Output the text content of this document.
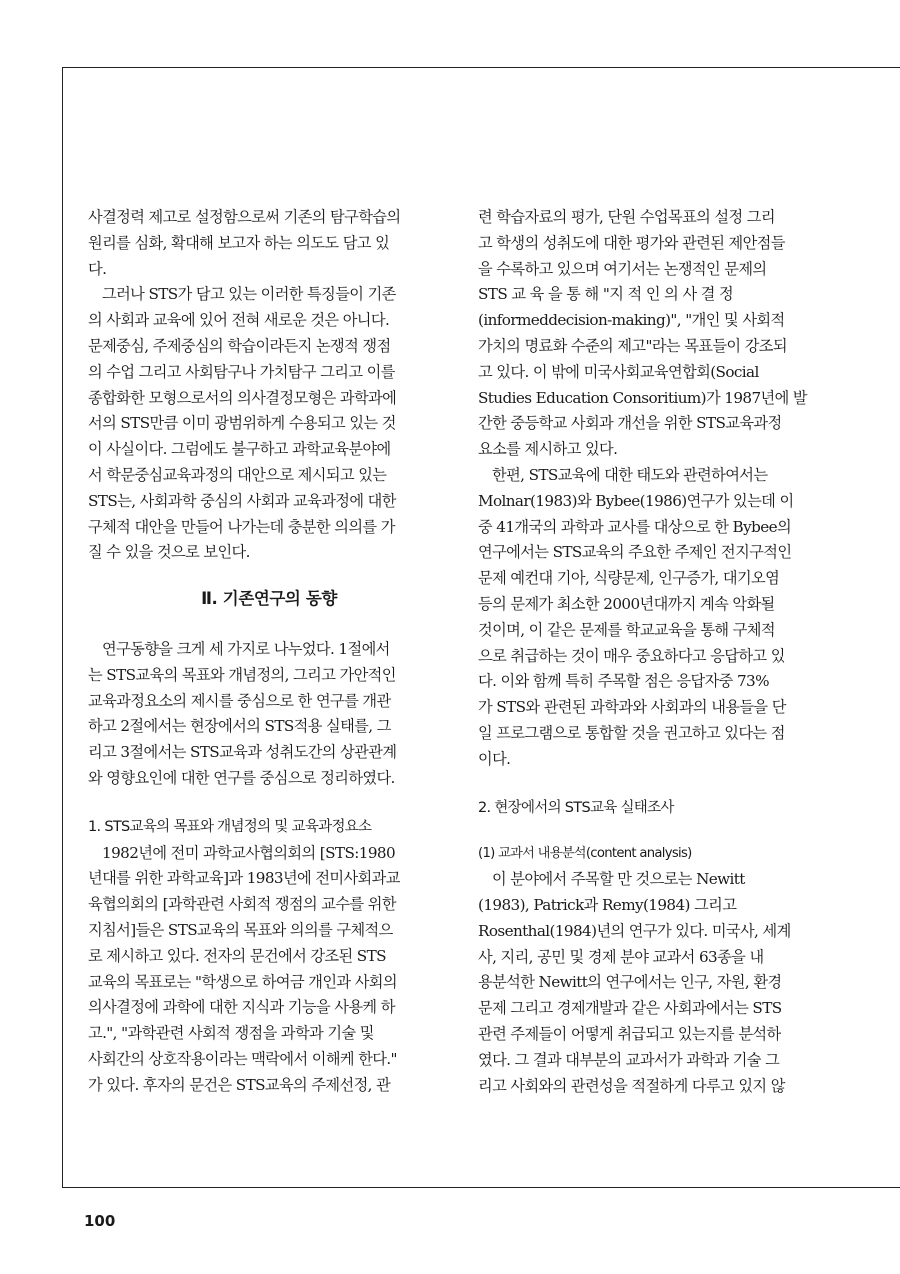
사결정력 제고로 설정함으로써 기존의 탐구학습의
원리를 심화, 확대해 보고자 하는 의도도 담고 있
다.
그러나 STS가 담고 있는 이러한 특징들이 기존
의 사회과 교육에 있어 전혀 새로운 것은 아니다.
문제중심, 주제중심의 학습이라든지 논쟁적 쟁점
의 수업 그리고 사회탐구나 가치탐구 그리고 이를
종합화한 모형으로서의 의사결정모형은 과학과에
서의 STS만큼 이미 광범위하게 수용되고 있는 것
이 사실이다. 그럼에도 불구하고 과학교육분야에
서 학문중심교육과정의 대안으로 제시되고 있는
STS는, 사회과학 중심의 사회과 교육과정에 대한
구체적 대안을 만들어 나가는데 충분한 의의를 가
질 수 있을 것으로 보인다.
Ⅱ. 기존연구의 동향
연구동향을 크게 세 가지로 나누었다. 1절에서
는 STS교육의 목표와 개념정의, 그리고 가안적인
교육과정요소의 제시를 중심으로 한 연구를 개관
하고 2절에서는 현장에서의 STS적용 실태를, 그
리고 3절에서는 STS교육과 성취도간의 상관관계
와 영향요인에 대한 연구를 중심으로 정리하였다.
1. STS교육의 목표와 개념정의 및 교육과정요소
1982년에 전미 과학교사협의회의 [STS:1980
년대를 위한 과학교육]과 1983년에 전미사회과교
육협의회의 [과학관련 사회적 쟁점의 교수를 위한
지침서]들은 STS교육의 목표와 의의를 구체적으
로 제시하고 있다. 전자의 문건에서 강조된 STS
교육의 목표로는 "학생으로 하여금 개인과 사회의
의사결정에 과학에 대한 지식과 기능을 사용케 하
고.", "과학관련 사회적 쟁점을 과학과 기술 및
사회간의 상호작용이라는 맥락에서 이해케 한다."
가 있다. 후자의 문건은 STS교육의 주제선정, 관
련 학습자료의 평가, 단원 수업목표의 설정 그리
고 학생의 성취도에 대한 평가와 관련된 제안점들
을 수록하고 있으며 여기서는 논쟁적인 문제의
STS 교 육 을 통 해 "지 적 인 의 사 결 정
(informeddecision-making)", "개인 및 사회적
가치의 명료화 수준의 제고"라는 목표들이 강조되
고 있다. 이 밖에 미국사회교육연합회(Social
Studies Education Consoritium)가 1987년에 발
간한 중등학교 사회과 개선을 위한 STS교육과정
요소를 제시하고 있다.
한편, STS교육에 대한 태도와 관련하여서는
Molnar(1983)와 Bybee(1986)연구가 있는데 이
중 41개국의 과학과 교사를 대상으로 한 Bybee의
연구에서는 STS교육의 주요한 주제인 전지구적인
문제 예컨대 기아, 식량문제, 인구증가, 대기오염
등의 문제가 최소한 2000년대까지 계속 악화될
것이며, 이 같은 문제를 학교교육을 통해 구체적
으로 취급하는 것이 매우 중요하다고 응답하고 있
다. 이와 함께 특히 주목할 점은 응답자중 73%
가 STS와 관련된 과학과와 사회과의 내용들을 단
일 프로그램으로 통합할 것을 권고하고 있다는 점
이다.
2. 현장에서의 STS교육 실태조사
(1) 교과서 내용분석(content analysis)
이 분야에서 주목할 만 것으로는 Newitt
(1983), Patrick과 Remy(1984) 그리고
Rosenthal(1984)년의 연구가 있다. 미국사, 세계
사, 지리, 공민 및 경제 분야 교과서 63종을 내
용분석한 Newitt의 연구에서는 인구, 자원, 환경
문제 그리고 경제개발과 같은 사회과에서는 STS
관련 주제들이 어떻게 취급되고 있는지를 분석하
였다. 그 결과 대부분의 교과서가 과학과 기술 그
리고 사회와의 관련성을 적절하게 다루고 있지 않
100
